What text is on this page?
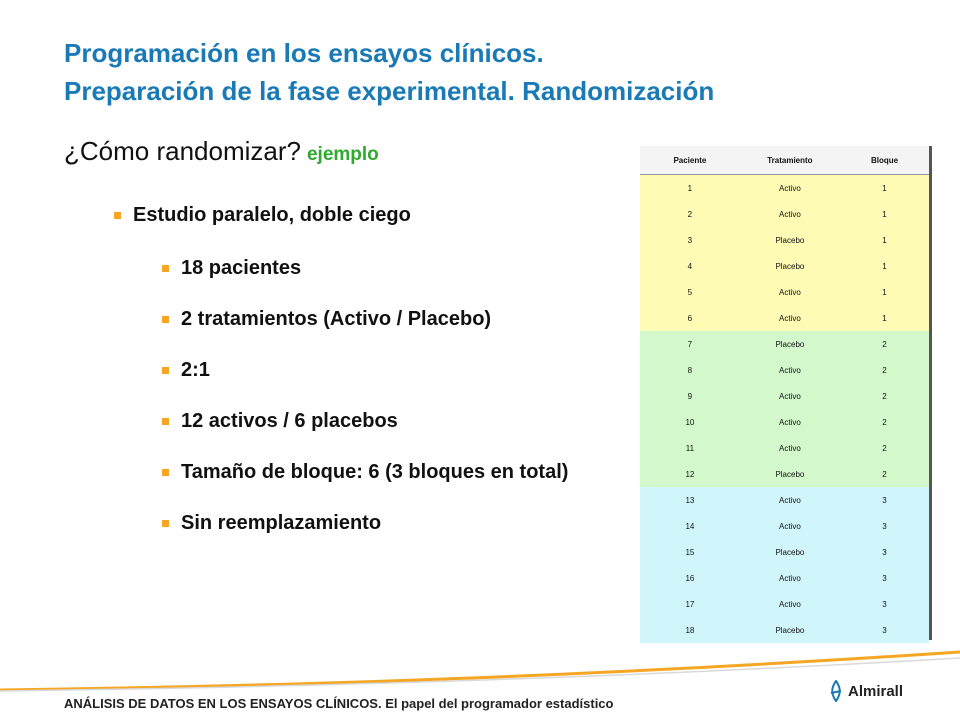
Programación en los ensayos clínicos.
Preparación de la fase experimental. Randomización
¿Cómo randomizar? ejemplo
Estudio paralelo, doble ciego
18 pacientes
2 tratamientos (Activo / Placebo)
2:1
12 activos / 6 placebos
Tamaño de bloque: 6 (3 bloques en total)
Sin reemplazamiento
Paciente	Tratamiento	Bloque
1	Activo	1
2	Activo	1
3	Placebo	1
4	Placebo	1
5	Activo	1
6	Activo	1
7	Placebo	2
8	Activo	2
9	Activo	2
10	Activo	2
11	Activo	2
12	Placebo	2
13	Activo	3
14	Activo	3
15	Placebo	3
16	Activo	3
17	Activo	3
18	Placebo	3
ANÁLISIS DE DATOS EN LOS ENSAYOS CLÍNICOS. El papel del programador estadístico
Almirall
